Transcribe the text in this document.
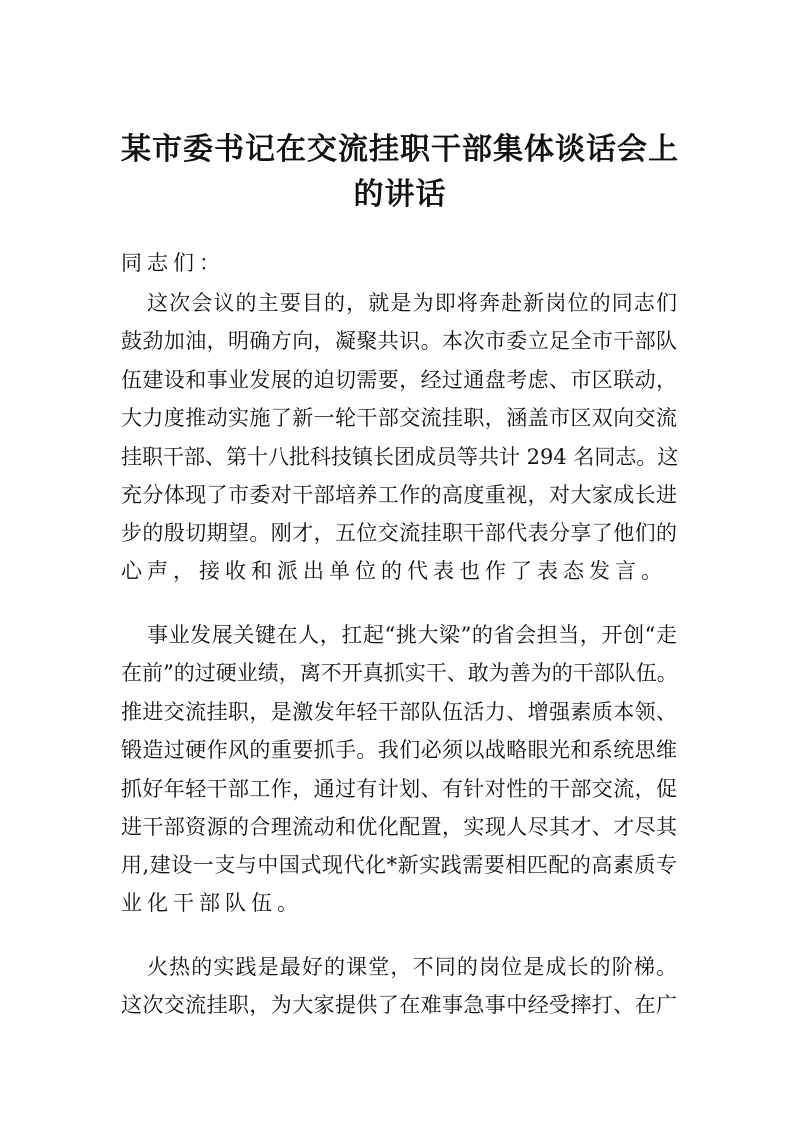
某市委书记在交流挂职干部集体谈话会上
的讲话
同志们：
这次会议的主要目的，就是为即将奔赴新岗位的同志们
鼓劲加油，明确方向，凝聚共识。本次市委立足全市干部队
伍建设和事业发展的迫切需要，经过通盘考虑、市区联动，
大力度推动实施了新一轮干部交流挂职，涵盖市区双向交流
挂职干部、第十八批科技镇长团成员等共计 294 名同志。这
充分体现了市委对干部培养工作的高度重视，对大家成长进
步的殷切期望。刚才，五位交流挂职干部代表分享了他们的
心声，接收和派出单位的代表也作了表态发言。
事业发展关键在人，扛起“挑大梁”的省会担当，开创“走
在前”的过硬业绩，离不开真抓实干、敢为善为的干部队伍。
推进交流挂职，是激发年轻干部队伍活力、增强素质本领、
锻造过硬作风的重要抓手。我们必须以战略眼光和系统思维
抓好年轻干部工作，通过有计划、有针对性的干部交流，促
进干部资源的合理流动和优化配置，实现人尽其才、才尽其
用,建设一支与中国式现代化*新实践需要相匹配的高素质专
业化干部队伍。
火热的实践是最好的课堂，不同的岗位是成长的阶梯。
这次交流挂职，为大家提供了在难事急事中经受摔打、在广
